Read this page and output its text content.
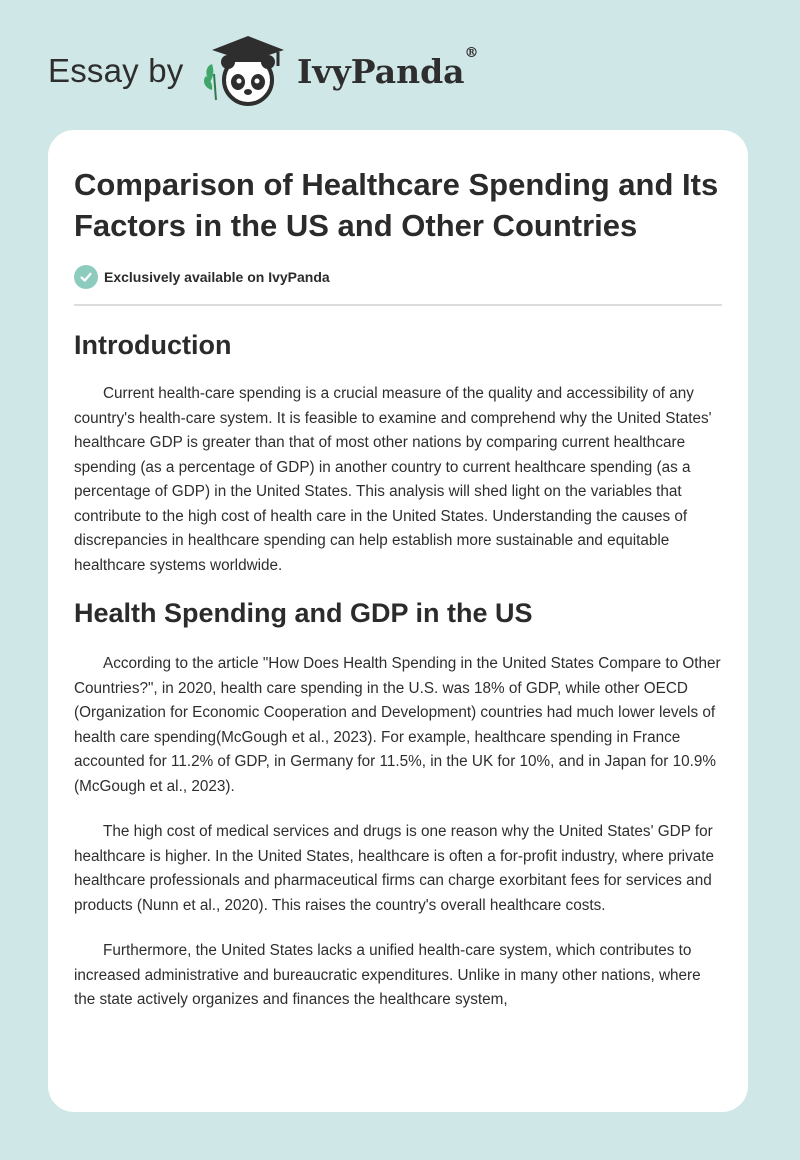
Essay by	IvyPanda®
Comparison of Healthcare Spending and Its Factors in the US and Other Countries
Exclusively available on IvyPanda
Introduction

Current health-care spending is a crucial measure of the quality and accessibility of any country's health-care system. It is feasible to examine and comprehend why the United States' healthcare GDP is greater than that of most other nations by comparing current healthcare spending (as a percentage of GDP) in another country to current healthcare spending (as a percentage of GDP) in the United States. This analysis will shed light on the variables that contribute to the high cost of health care in the United States. Understanding the causes of discrepancies in healthcare spending can help establish more sustainable and equitable healthcare systems worldwide.

Health Spending and GDP in the US

According to the article "How Does Health Spending in the United States Compare to Other Countries?", in 2020, health care spending in the U.S. was 18% of GDP, while other OECD (Organization for Economic Cooperation and Development) countries had much lower levels of health care spending(McGough et al., 2023). For example, healthcare spending in France accounted for 11.2% of GDP, in Germany for 11.5%, in the UK for 10%, and in Japan for 10.9% (McGough et al., 2023).

The high cost of medical services and drugs is one reason why the United States' GDP for healthcare is higher. In the United States, healthcare is often a for-profit industry, where private healthcare professionals and pharmaceutical firms can charge exorbitant fees for services and products (Nunn et al., 2020). This raises the country's overall healthcare costs.

Furthermore, the United States lacks a unified health-care system, which contributes to increased administrative and bureaucratic expenditures. Unlike in many other nations, where the state actively organizes and finances the healthcare system,
